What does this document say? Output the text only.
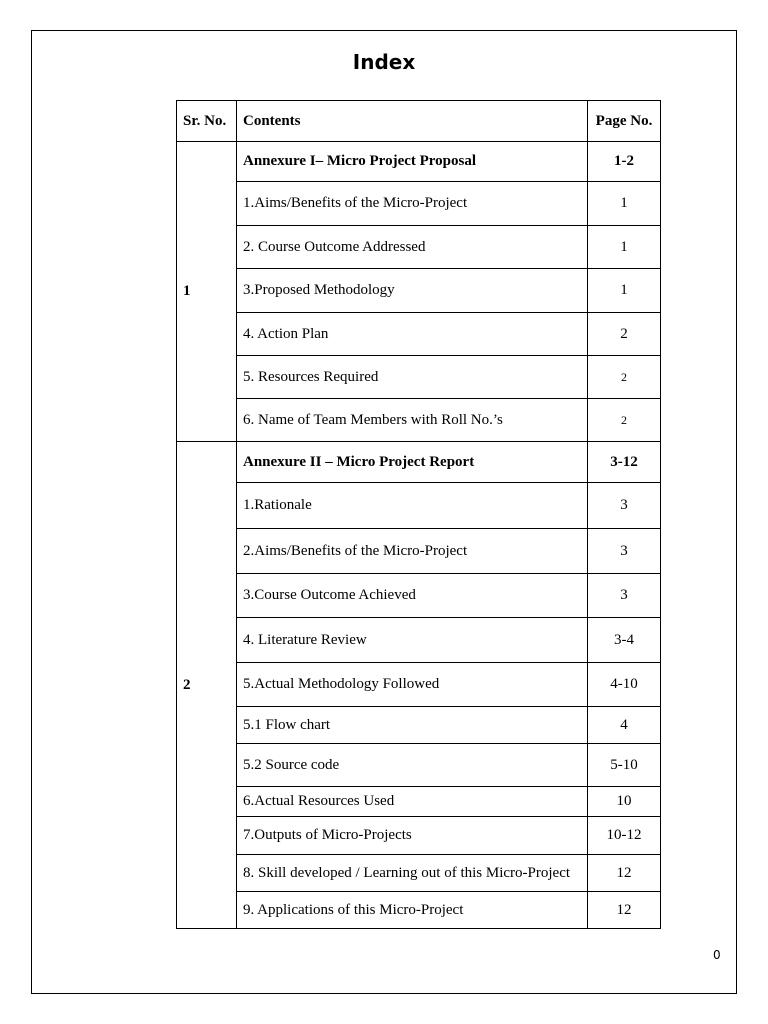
Index
Sr. No.	Contents	Page No.
1	Annexure I– Micro Project Proposal	1-2
	1.Aims/Benefits of the Micro-Project	1
	2. Course Outcome Addressed	1
	3.Proposed Methodology	1
	4. Action Plan	2
	5. Resources Required	2
	6. Name of Team Members with Roll No.’s	2
2	Annexure II – Micro Project Report	3-12
	1.Rationale	3
	2.Aims/Benefits of the Micro-Project	3
	3.Course Outcome Achieved	3
	4. Literature Review	3-4
	5.Actual Methodology Followed	4-10
	5.1 Flow chart	4
	5.2 Source code	5-10
	6.Actual Resources Used	10
	7.Outputs of Micro-Projects	10-12
	8. Skill developed / Learning out of this Micro-Project	12
	9. Applications of this Micro-Project	12
0
